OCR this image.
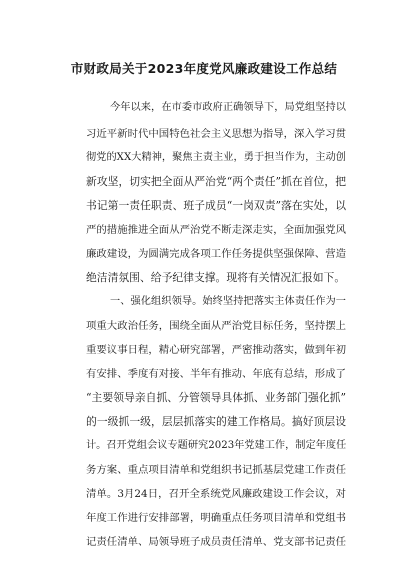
市财政局关于2023年度党风廉政建设工作总结
今年以来，在市委市政府正确领导下，局党组坚持以
习近平新时代中国特色社会主义思想为指导，深入学习贯
彻党的XX大精神，聚焦主责主业，勇于担当作为，主动创
新攻坚，切实把全面从严治党“两个责任”抓在首位，把
书记第一责任职责、班子成员“一岗双责”落在实处，以
严的措施推进全面从严治党不断走深走实，全面加强党风
廉政建设，为圆满完成各项工作任务提供坚强保障、营造
绝洁清氛围、给予纪律支撑。现将有关情况汇报如下。
一、强化组织领导。始终坚持把落实主体责任作为一
项重大政治任务，围绕全面从严治党目标任务，坚持摆上
重要议事日程，精心研究部署，严密推动落实，做到年初
有安排、季度有对接、半年有推动、年底有总结，形成了
“主要领导亲自抓、分管领导具体抓、业务部门强化抓”
的一级抓一级，层层抓落实的建工作格局。搞好顶层设
计。召开党组会议专题研究2023年党建工作，制定年度任
务方案、重点项目清单和党组织书记抓基层党建工作责任
清单。3月24日，召开全系统党风廉政建设工作会议，对
年度工作进行安排部署，明确重点任务项目清单和党组书
记责任清单、局领导班子成员责任清单、党支部书记责任
